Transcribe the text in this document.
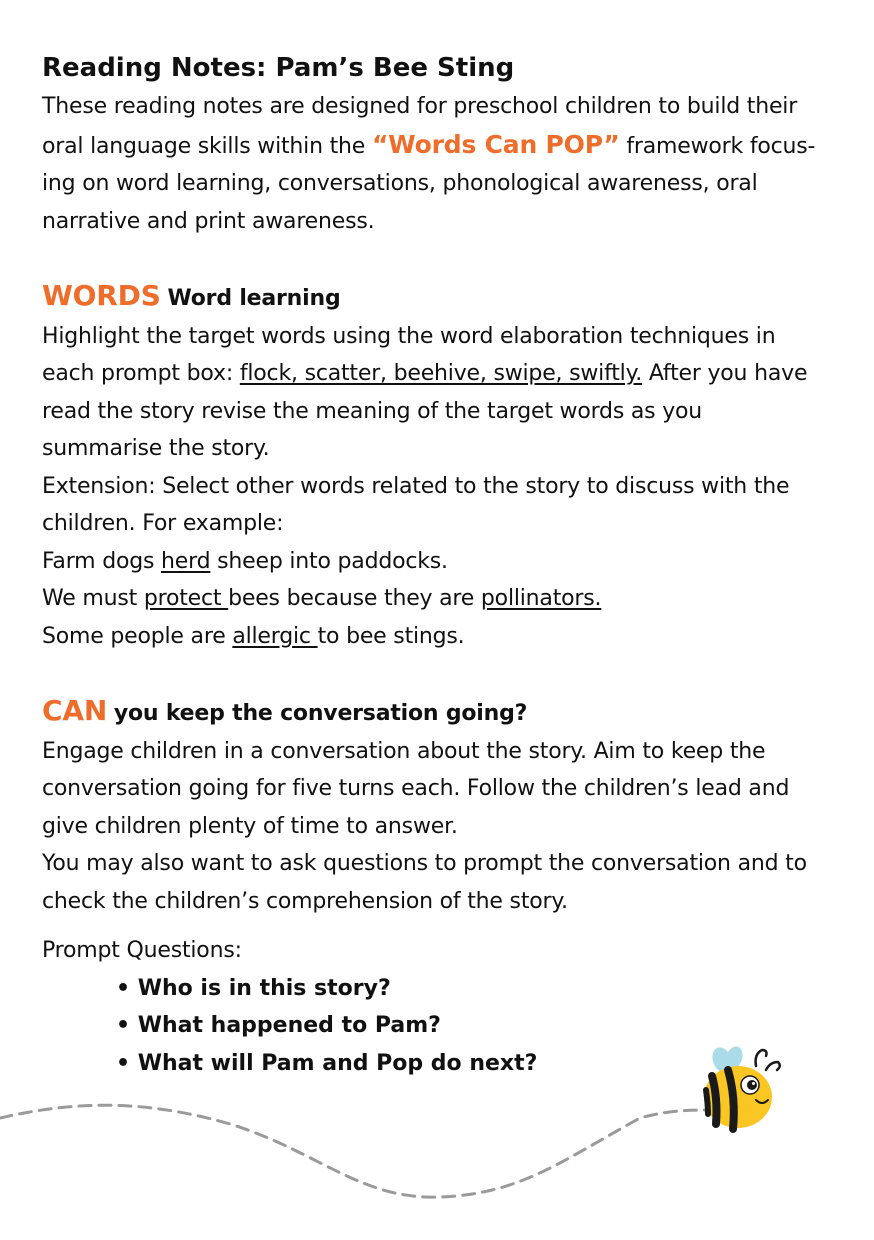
Reading Notes: Pam’s Bee Sting
These reading notes are designed for preschool children to build their
oral language skills within the “Words Can POP” framework focus-
ing on word learning, conversations, phonological awareness, oral
narrative and print awareness.
WORDS Word learning
Highlight the target words using the word elaboration techniques in
each prompt box: flock, scatter, beehive, swipe, swiftly. After you have
read the story revise the meaning of the target words as you
summarise the story.
Extension: Select other words related to the story to discuss with the
children. For example:
Farm dogs herd sheep into paddocks.
We must protect bees because they are pollinators.
Some people are allergic to bee stings.
CAN you keep the conversation going?
Engage children in a conversation about the story. Aim to keep the
conversation going for five turns each. Follow the children’s lead and
give children plenty of time to answer.
You may also want to ask questions to prompt the conversation and to
check the children’s comprehension of the story.
Prompt Questions:
• Who is in this story?
• What happened to Pam?
• What will Pam and Pop do next?
